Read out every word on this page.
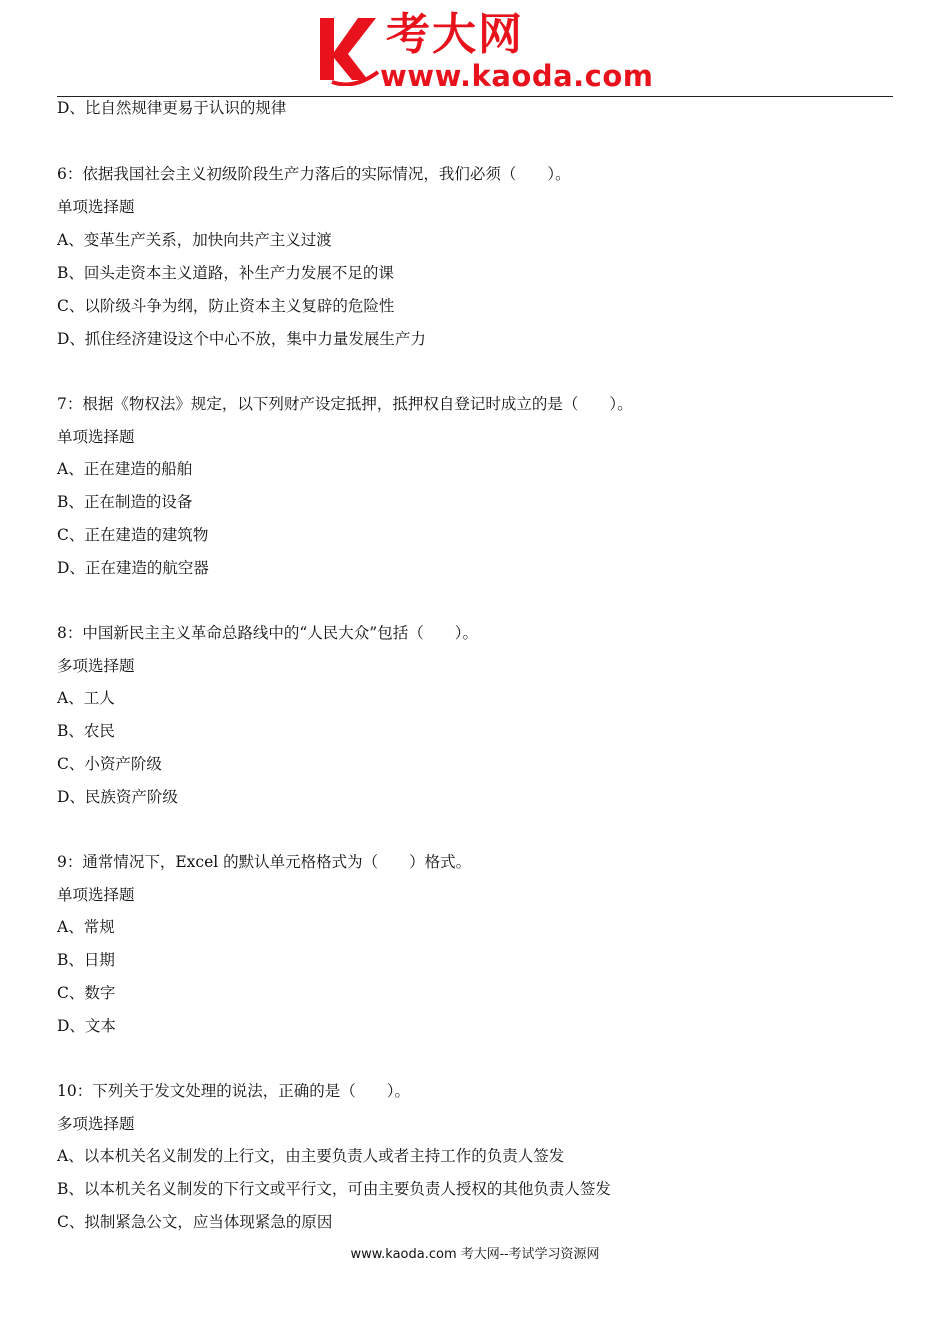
考大网
www.kaoda.com
D、比自然规律更易于认识的规律
6：依据我国社会主义初级阶段生产力落后的实际情况，我们必须（　　）。
单项选择题
A、变革生产关系，加快向共产主义过渡
B、回头走资本主义道路，补生产力发展不足的课
C、以阶级斗争为纲，防止资本主义复辟的危险性
D、抓住经济建设这个中心不放，集中力量发展生产力
7：根据《物权法》规定，以下列财产设定抵押，抵押权自登记时成立的是（　　）。
单项选择题
A、正在建造的船舶
B、正在制造的设备
C、正在建造的建筑物
D、正在建造的航空器
8：中国新民主主义革命总路线中的“人民大众”包括（　　）。
多项选择题
A、工人
B、农民
C、小资产阶级
D、民族资产阶级
9：通常情况下，Excel 的默认单元格格式为（　　）格式。
单项选择题
A、常规
B、日期
C、数字
D、文本
10：下列关于发文处理的说法，正确的是（　　）。
多项选择题
A、以本机关名义制发的上行文，由主要负责人或者主持工作的负责人签发
B、以本机关名义制发的下行文或平行文，可由主要负责人授权的其他负责人签发
C、拟制紧急公文，应当体现紧急的原因
www.kaoda.com 考大网--考试学习资源网
